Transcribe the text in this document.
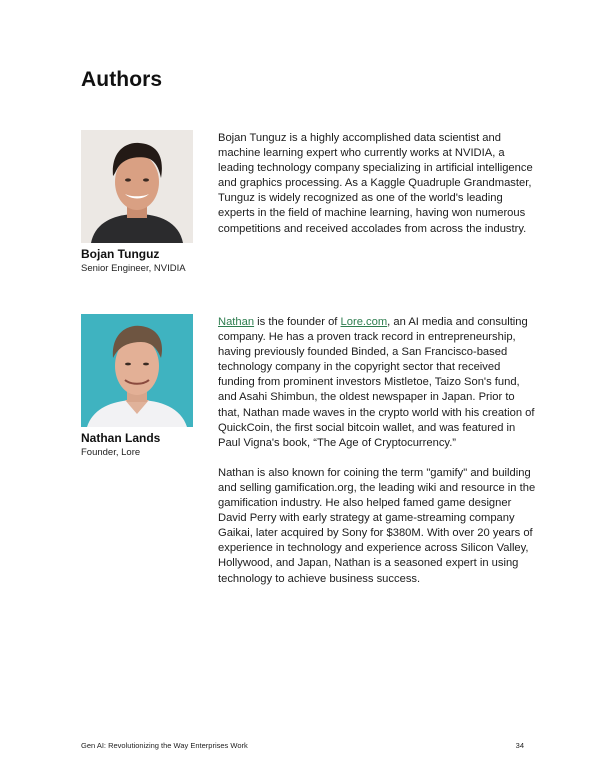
Authors
Bojan Tunguz
Senior Engineer, NVIDIA

Bojan Tunguz is a highly accomplished data scientist and machine learning expert who currently works at NVIDIA, a leading technology company specializing in artificial intelligence and graphics processing. As a Kaggle Quadruple Grandmaster, Tunguz is widely recognized as one of the world's leading experts in the field of machine learning, having won numerous competitions and received accolades from across the industry.

Nathan Lands
Founder, Lore

Nathan is the founder of Lore.com, an AI media and consulting company. He has a proven track record in entrepreneurship, having previously founded Binded, a San Francisco-based technology company in the copyright sector that received funding from prominent investors Mistletoe, Taizo Son's fund, and Asahi Shimbun, the oldest newspaper in Japan. Prior to that, Nathan made waves in the crypto world with his creation of QuickCoin, the first social bitcoin wallet, and was featured in Paul Vigna's book, “The Age of Cryptocurrency.”

Nathan is also known for coining the term "gamify" and building and selling gamification.org, the leading wiki and resource in the gamification industry. He also helped famed game designer David Perry with early strategy at game-streaming company Gaikai, later acquired by Sony for $380M. With over 20 years of experience in technology and experience across Silicon Valley, Hollywood, and Japan, Nathan is a seasoned expert in using technology to achieve business success.

Gen AI: Revolutionizing the Way Enterprises Work	34
